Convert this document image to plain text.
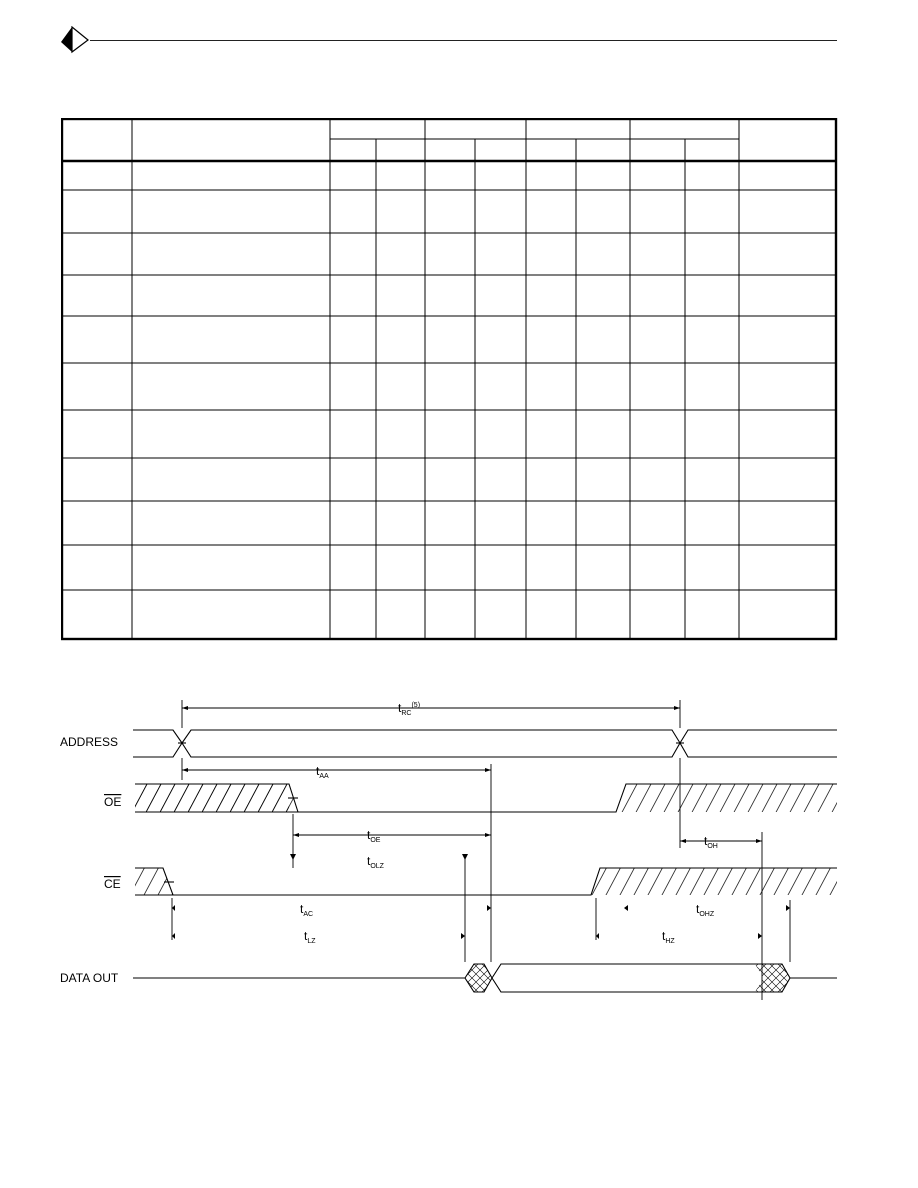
ADDRESS
OE
CE
DATA OUT
$t_{RC}^{(5)}$
$t_{AA}$
$t_{OE}$	$t_{OH}$
$t_{OLZ}$
$t_{AC}$	$t_{OHZ}$
$t_{LZ}$	$t_{HZ}$
